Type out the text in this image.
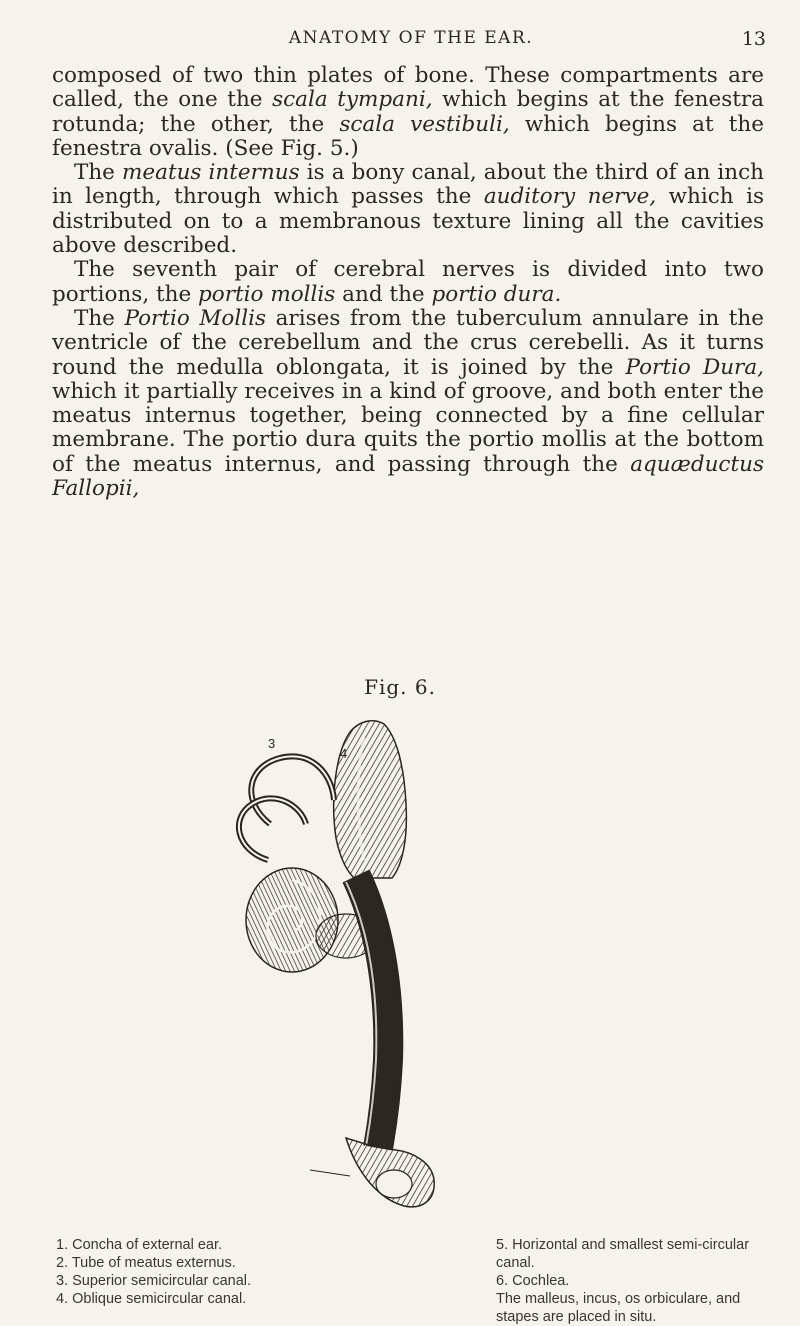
ANATOMY OF THE EAR.	13

composed of two thin plates of bone. These compartments are called, the one the scala tympani, which begins at the fenestra rotunda; the other, the scala vestibuli, which begins at the fenestra ovalis. (See Fig. 5.)

The meatus internus is a bony canal, about the third of an inch in length, through which passes the auditory nerve, which is distributed on to a membranous texture lining all the cavities above described.

The seventh pair of cerebral nerves is divided into two portions, the portio mollis and the portio dura.

The Portio Mollis arises from the tuberculum annulare in the ventricle of the cerebellum and the crus cerebelli. As it turns round the medulla oblongata, it is joined by the Portio Dura, which it partially receives in a kind of groove, and both enter the meatus internus together, being connected by a fine cellular membrane. The portio dura quits the portio mollis at the bottom of the meatus internus, and passing through the aquæductus Fallopii,

Fig. 6.
3
4
1. Concha of external ear.
2. Tube of meatus externus.
3. Superior semicircular canal.
4. Oblique semicircular canal.
5. Horizontal and smallest semi-circular canal.
6. Cochlea.
The malleus, incus, os orbiculare, and stapes are placed in situ.
